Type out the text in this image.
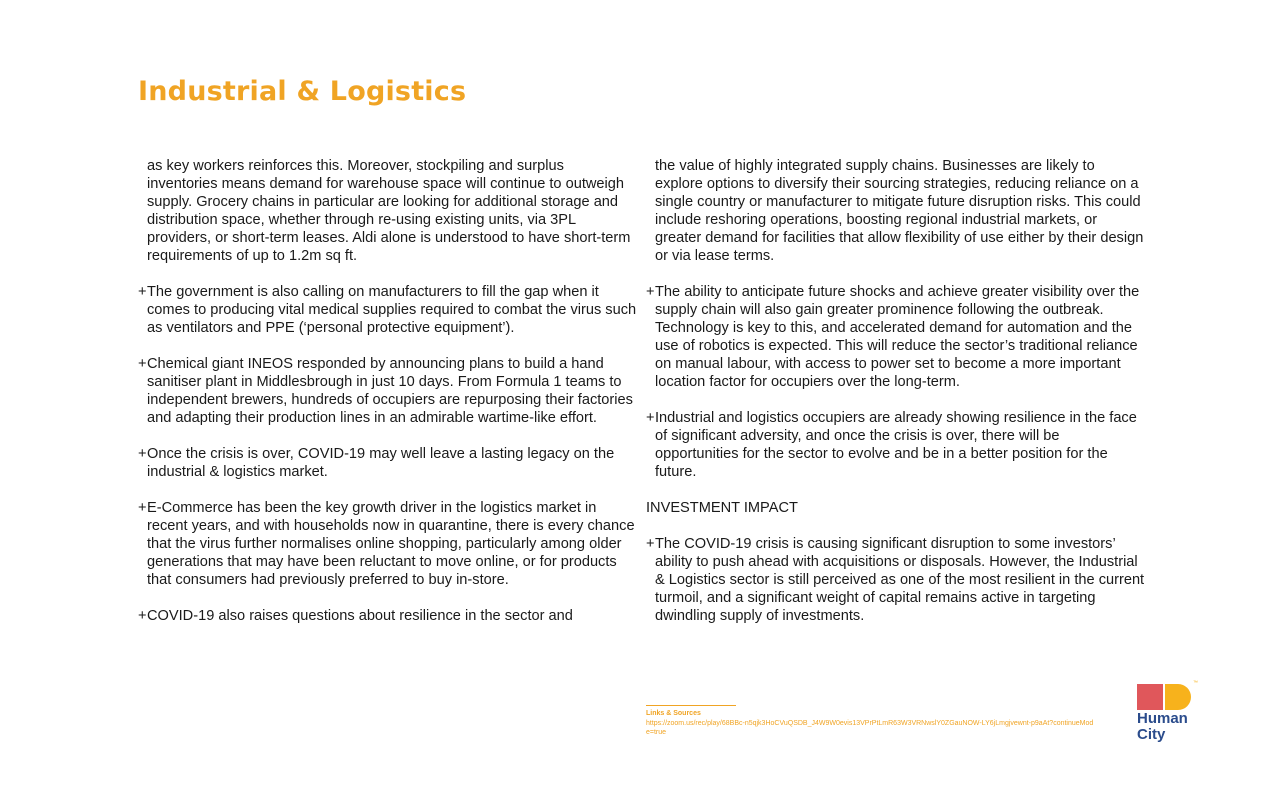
Industrial & Logistics

as key workers reinforces this. Moreover, stockpiling and surplus inventories means demand for warehouse space will continue to outweigh supply. Grocery chains in particular are looking for additional storage and distribution space, whether through re-using existing units, via 3PL providers, or short-term leases. Aldi alone is understood to have short-term requirements of up to 1.2m sq ft.

+ The government is also calling on manufacturers to fill the gap when it comes to producing vital medical supplies required to combat the virus such as ventilators and PPE (‘personal protective equipment’).

+ Chemical giant INEOS responded by announcing plans to build a hand sanitiser plant in Middlesbrough in just 10 days. From Formula 1 teams to independent brewers, hundreds of occupiers are repurposing their factories and adapting their production lines in an admirable wartime-like effort.

+ Once the crisis is over, COVID-19 may well leave a lasting legacy on the industrial & logistics market.

+ E-Commerce has been the key growth driver in the logistics market in recent years, and with households now in quarantine, there is every chance that the virus further normalises online shopping, particularly among older generations that may have been reluctant to move online, or for products that consumers had previously preferred to buy in-store.

+ COVID-19 also raises questions about resilience in the sector and

the value of highly integrated supply chains. Businesses are likely to explore options to diversify their sourcing strategies, reducing reliance on a single country or manufacturer to mitigate future disruption risks. This could include reshoring operations, boosting regional industrial markets, or greater demand for facilities that allow flexibility of use either by their design or via lease terms.

+ The ability to anticipate future shocks and achieve greater visibility over the supply chain will also gain greater prominence following the outbreak. Technology is key to this, and accelerated demand for automation and the use of robotics is expected. This will reduce the sector’s traditional reliance on manual labour, with access to power set to become a more important location factor for occupiers over the long-term.

+ Industrial and logistics occupiers are already showing resilience in the face of significant adversity, and once the crisis is over, there will be opportunities for the sector to evolve and be in a better position for the future.

INVESTMENT IMPACT

+ The COVID-19 crisis is causing significant disruption to some investors’ ability to push ahead with acquisitions or disposals. However, the Industrial & Logistics sector is still perceived as one of the most resilient in the current turmoil, and a significant weight of capital remains active in targeting dwindling supply of investments.

Links & Sources
https://zoom.us/rec/play/68BBc-n5qjk3HoCVuQSDB_J4W9W0evis13VPrPtLmR63W3VRNwslY0ZGauNOW-LY6jLmgjvewnt-p9aAt?continueMode=true
™
Human
City
